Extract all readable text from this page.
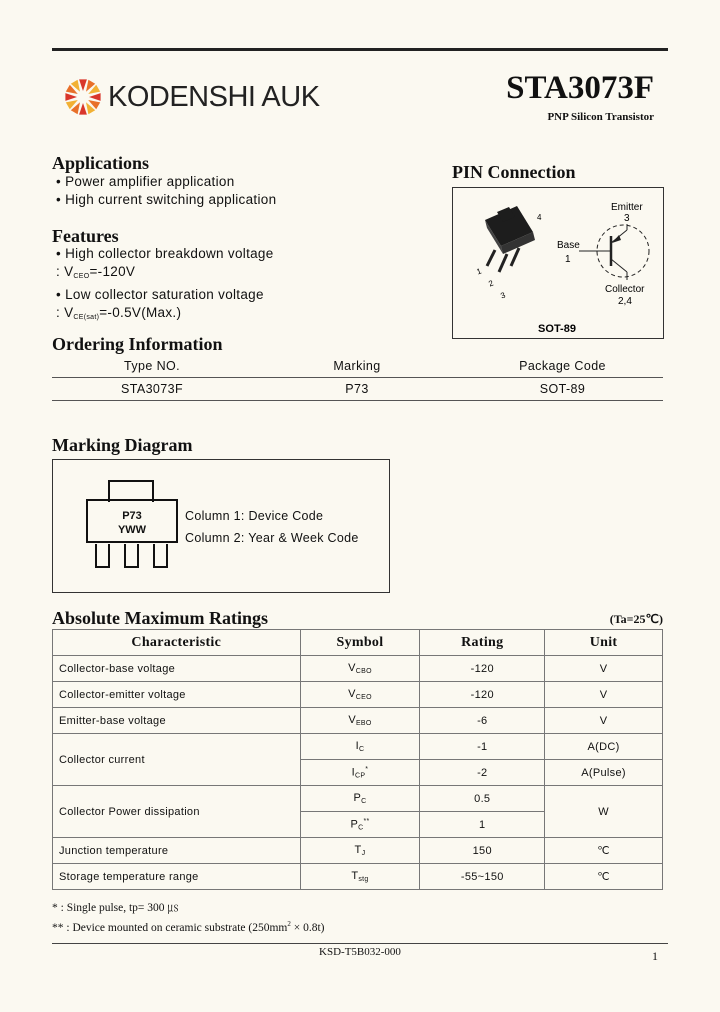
KODENSHI AUK	STA3073F
PNP Silicon Transistor
Applications
• Power amplifier application
• High current switching application
Features
• High collector breakdown voltage
: $V_{CEO}=-120V$
• Low collector saturation voltage
: $V_{CE(sat)}=-0.5V(Max.)$
PIN Connection
4
1
2
3
Emitter
3
Base
1
Collector
2,4
SOT-89
Ordering Information
Type NO.	Marking	Package Code
STA3073F	P73	SOT-89
Marking Diagram
P73
YWW
Column 1: Device Code
Column 2: Year & Week Code
Absolute Maximum Ratings	(Ta=25℃)
Characteristic	Symbol	Rating	Unit
Collector-base voltage	$V_{CBO}$	-120	V
Collector-emitter voltage	$V_{CEO}$	-120	V
Emitter-base voltage	$V_{EBO}$	-6	V
Collector current	$I_C$	-1	A(DC)
	$I_{CP}^*$	-2	A(Pulse)
Collector Power dissipation	$P_C$	0.5	W
	$P_C^{**}$	1	
Junction temperature	$T_J$	150	℃
Storage temperature range	$T_{stg}$	-55~150	℃
* : Single pulse, tp= 300 ㎲
** : Device mounted on ceramic substrate $(250mm^2 \times 0.8t)$
KSD-T5B032-000	1
